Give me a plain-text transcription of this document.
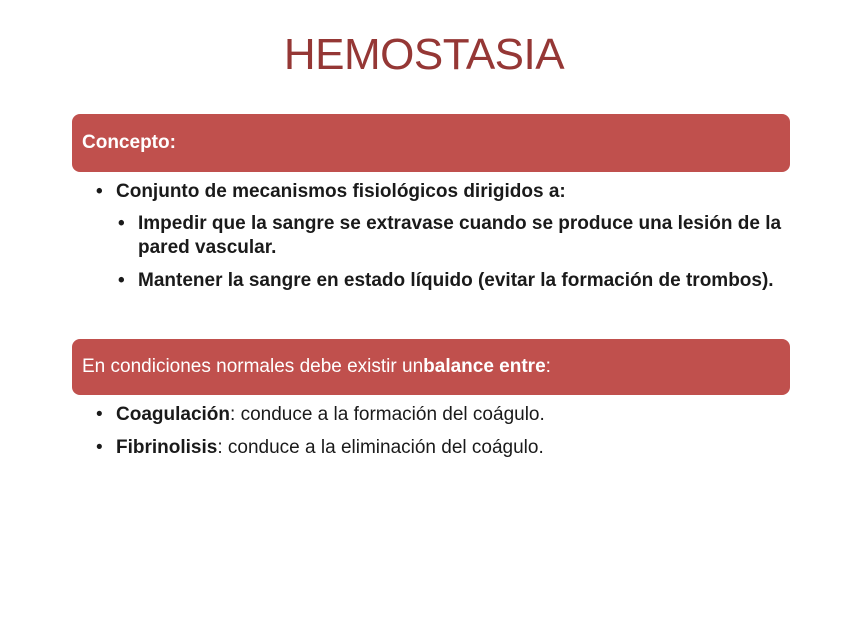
HEMOSTASIA
Concepto:
• Conjunto de mecanismos fisiológicos dirigidos a:
• Impedir que la sangre se extravase cuando se produce una lesión de la pared vascular.
• Mantener la sangre en estado líquido (evitar la formación de trombos).
En condiciones normales debe existir un balance entre :
• Coagulación: conduce a la formación del coágulo.
• Fibrinolisis: conduce a la eliminación del coágulo.
